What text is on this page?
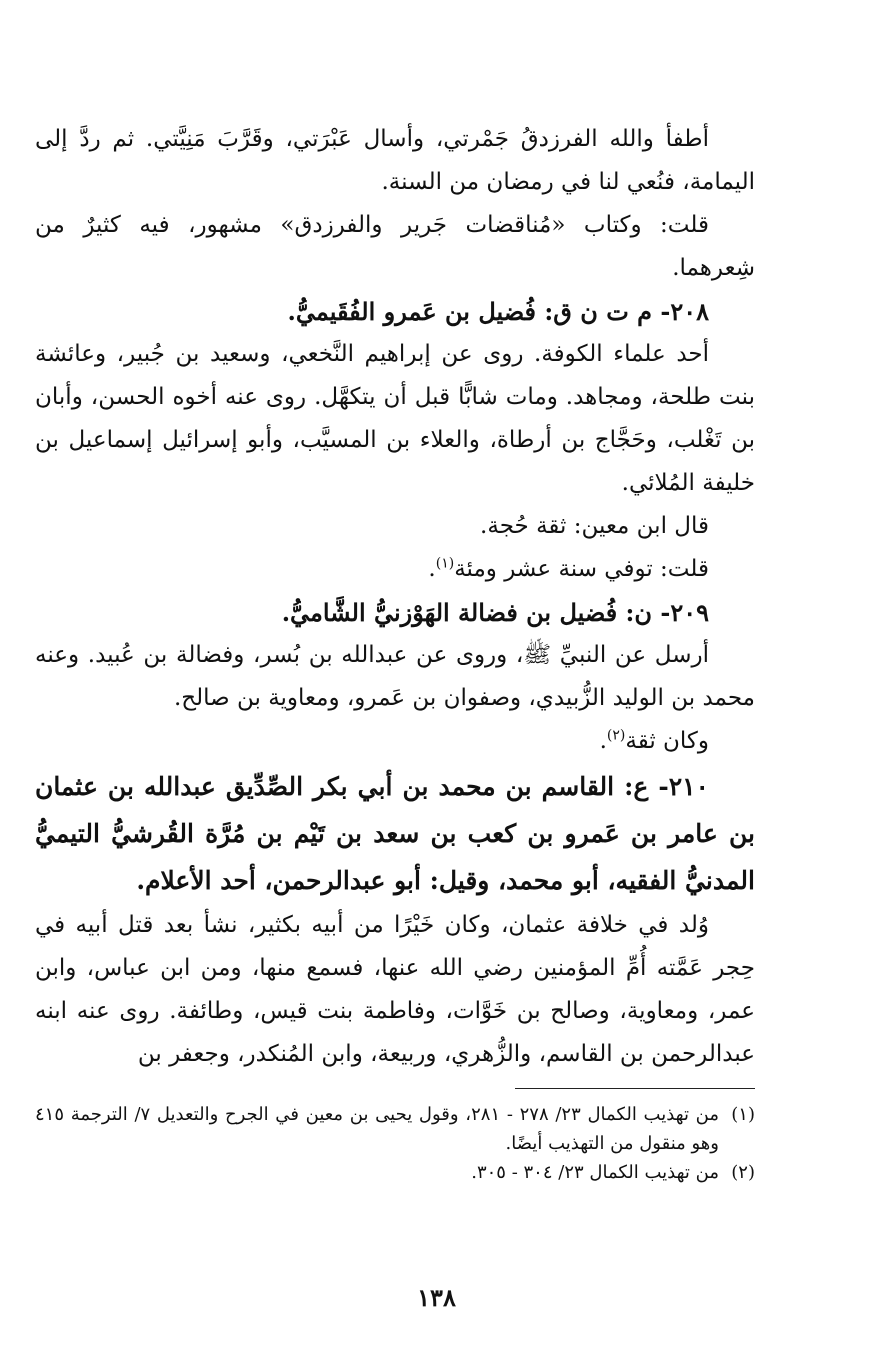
أطفأ والله الفرزدقُ جَمْرتي، وأسال عَبْرَتي، وقَرَّبَ مَنِيَّتي. ثم ردَّ إلى اليمامة، فنُعي لنا في رمضان من السنة.

قلت: وكتاب «مُناقضات جَرير والفرزدق» مشهور، فيه كثيرٌ من شِعرهما.

٢٠٨- م ت ن ق: فُضيل بن عَمرو الفُقَيميُّ.

أحد علماء الكوفة. روى عن إبراهيم النَّخعي، وسعيد بن جُبير، وعائشة بنت طلحة، ومجاهد. ومات شابًّا قبل أن يتكهَّل. روى عنه أخوه الحسن، وأبان بن تَغْلب، وحَجَّاج بن أرطاة، والعلاء بن المسيَّب، وأبو إسرائيل إسماعيل بن خليفة المُلائي.

قال ابن معين: ثقة حُجة.

قلت: توفي سنة عشر ومئة$^{(١)}$.

٢٠٩- ن: فُضيل بن فضالة الهَوْزنيُّ الشَّاميُّ.

أرسل عن النبيِّ ﷺ، وروى عن عبدالله بن بُسر، وفضالة بن عُبيد. وعنه محمد بن الوليد الزُّبيدي، وصفوان بن عَمرو، ومعاوية بن صالح.

وكان ثقة$^{(٢)}$.

٢١٠- ع: القاسم بن محمد بن أبي بكر الصِّدِّيق عبدالله بن عثمان بن عامر بن عَمرو بن كعب بن سعد بن تَيْم بن مُرَّة القُرشيُّ التيميُّ المدنيُّ الفقيه، أبو محمد، وقيل: أبو عبدالرحمن، أحد الأعلام.

وُلد في خلافة عثمان، وكان خَيْرًا من أبيه بكثير، نشأ بعد قتل أبيه في حِجر عَمَّته أُمِّ المؤمنين رضي الله عنها، فسمع منها، ومن ابن عباس، وابن عمر، ومعاوية، وصالح بن خَوَّات، وفاطمة بنت قيس، وطائفة. روى عنه ابنه عبدالرحمن بن القاسم، والزُّهري، وربيعة، وابن المُنكدر، وجعفر بن

(١)
من تهذيب الكمال ٢٣/ ٢٧٨ - ٢٨١، وقول يحيى بن معين في الجرح والتعديل ٧/ الترجمة ٤١٥ وهو منقول من التهذيب أيضًا.
(٢)
من تهذيب الكمال ٢٣/ ٣٠٤ - ٣٠٥.
١٣٨
